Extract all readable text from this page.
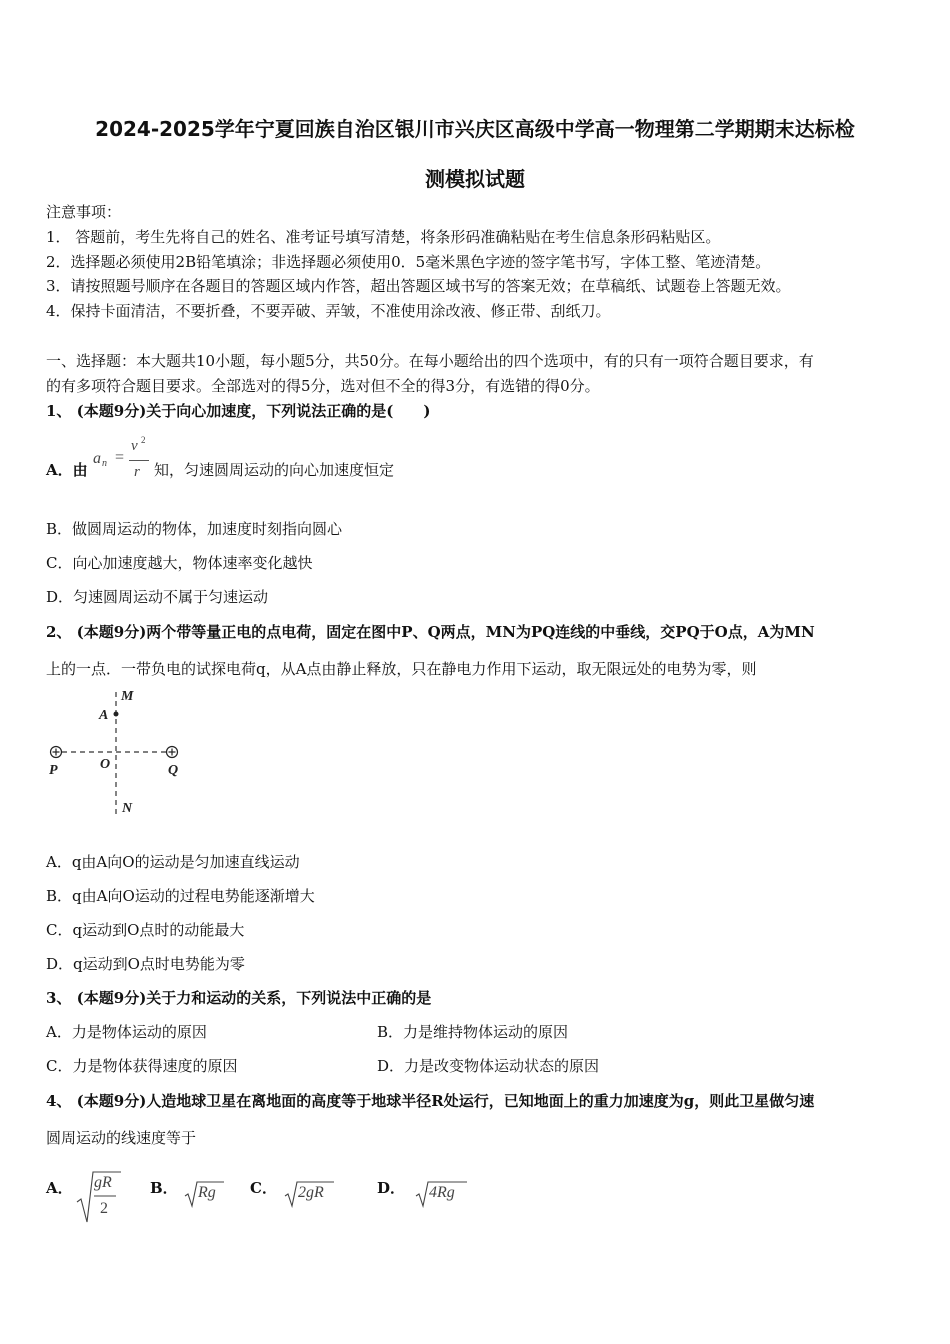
2024-2025学年宁夏回族自治区银川市兴庆区高级中学高一物理第二学期期末达标检
测模拟试题
注意事项：
1． 答题前，考生先将自己的姓名、准考证号填写清楚，将条形码准确粘贴在考生信息条形码粘贴区。
2．选择题必须使用2B铅笔填涂；非选择题必须使用0．5毫米黑色字迹的签字笔书写，字体工整、笔迹清楚。
3．请按照题号顺序在各题目的答题区域内作答，超出答题区域书写的答案无效；在草稿纸、试题卷上答题无效。
4．保持卡面清洁，不要折叠，不要弄破、弄皱，不准使用涂改液、修正带、刮纸刀。
一、选择题：本大题共10小题，每小题5分，共50分。在每小题给出的四个选项中，有的只有一项符合题目要求，有
的有多项符合题目要求。全部选对的得5分，选对但不全的得3分，有选错的得0分。
1、 (本题9分)关于向心加速度，下列说法正确的是(　　)
A．由
a n =
v 2
r 知，匀速圆周运动的向心加速度恒定
B．做圆周运动的物体，加速度时刻指向圆心
C．向心加速度越大，物体速率变化越快
D．匀速圆周运动不属于匀速运动
2、 (本题9分)两个带等量正电的点电荷，固定在图中P、Q两点，MN为PQ连线的中垂线，交PQ于O点，A为MN
上的一点．一带负电的试探电荷q，从A点由静止释放，只在静电力作用下运动，取无限远处的电势为零，则
M
A
P	O	Q
N
A．q由A向O的运动是匀加速直线运动
B．q由A向O运动的过程电势能逐渐增大
C．q运动到O点时的动能最大
D．q运动到O点时电势能为零
3、 (本题9分)关于力和运动的关系，下列说法中正确的是
A．力是物体运动的原因	B．力是维持物体运动的原因
C．力是物体获得速度的原因	D．力是改变物体运动状态的原因
4、 (本题9分)人造地球卫星在离地面的高度等于地球半径R处运行，已知地面上的重力加速度为g，则此卫星做匀速
圆周运动的线速度等于
A． gR
2
B． Rg C． 2gR	D． 4Rg
